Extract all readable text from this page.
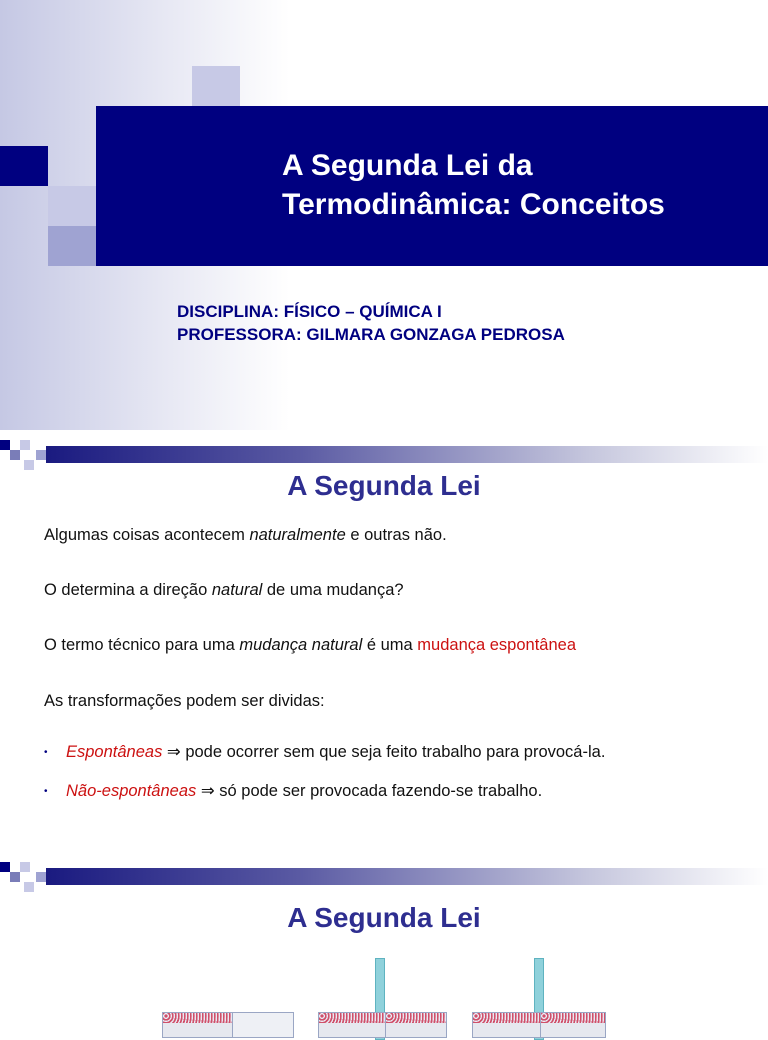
A Segunda Lei da
Termodinâmica: Conceitos
DISCIPLINA: FÍSICO – QUÍMICA I
PROFESSORA: GILMARA GONZAGA PEDROSA
A Segunda Lei

Algumas coisas acontecem naturalmente e outras não.

O determina a direção natural de uma mudança?

O termo técnico para uma mudança natural é uma mudança espontânea

As transformações podem ser dividas:

• Espontâneas ⇒ pode ocorrer sem que seja feito trabalho para provocá-la.
• Não-espontâneas ⇒ só pode ser provocada fazendo-se trabalho.
A Segunda Lei
